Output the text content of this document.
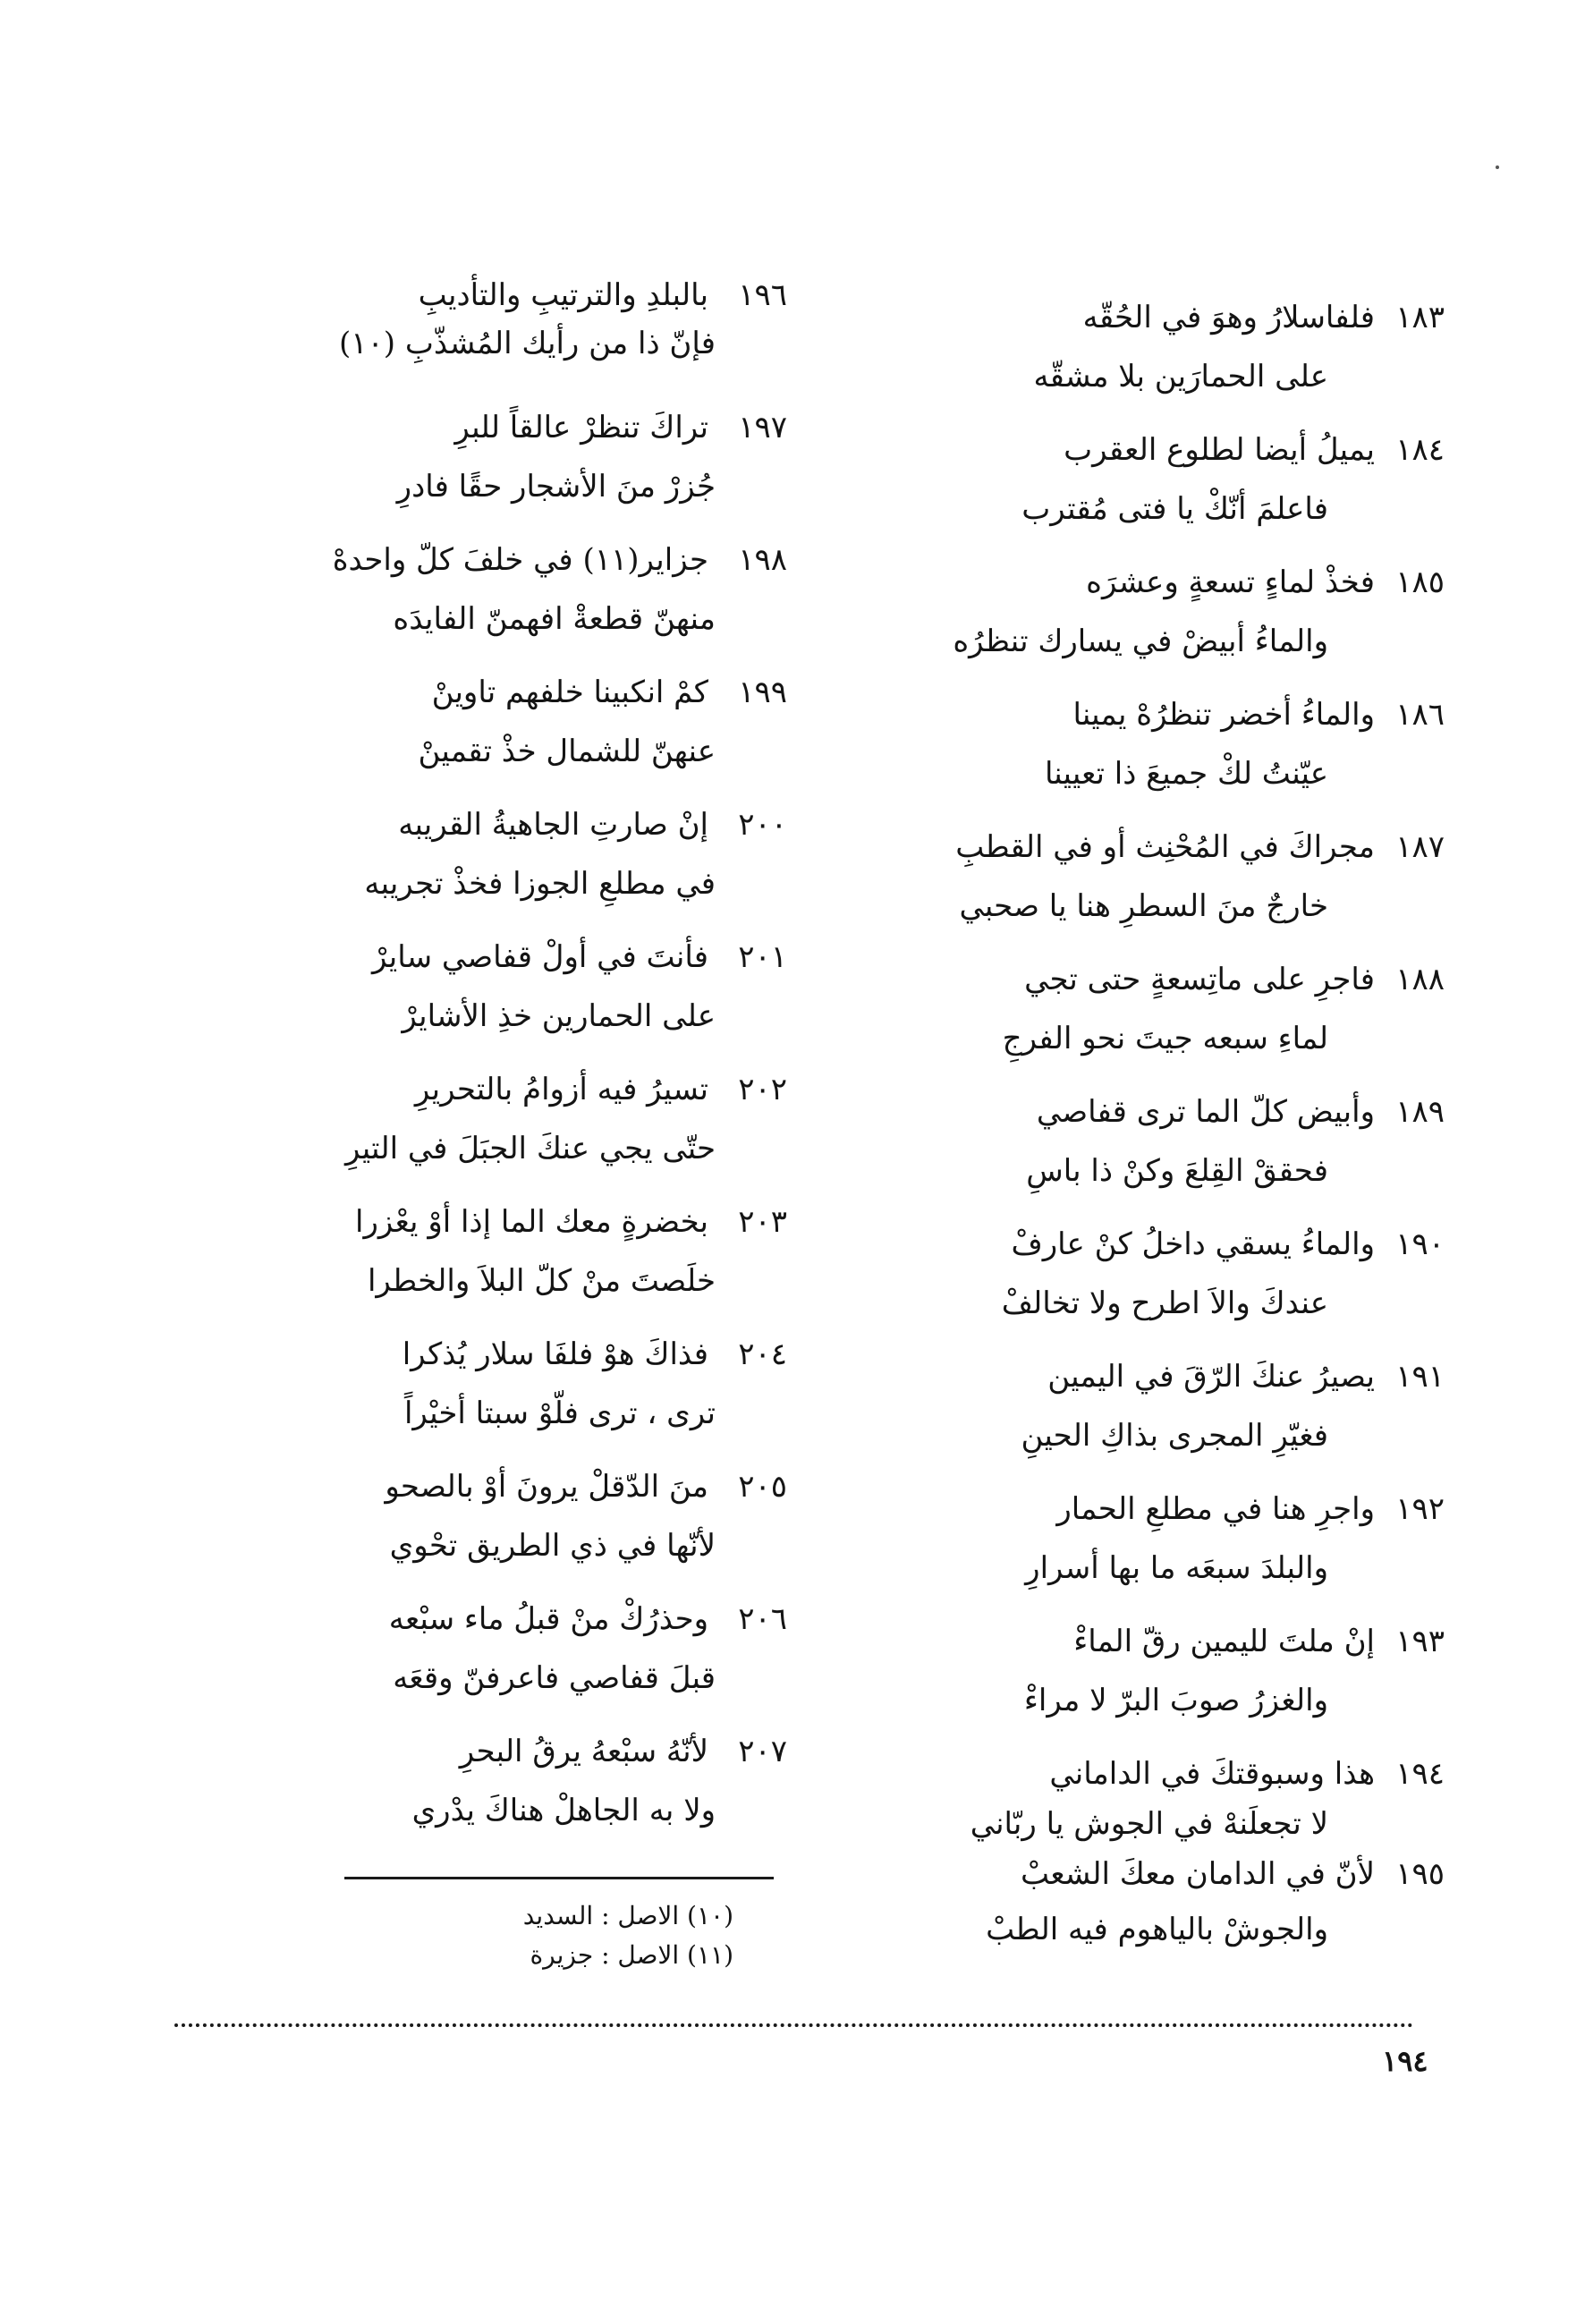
١٨٣
فلفاسلارُ وهوَ في الحُقّه
على الحمارَين بلا مشقّه
١٨٤
يميلُ أيضا لطلوع العقرب
فاعلمَ أنّكْ يا فتى مُقترب
١٨٥
فخذْ لماءٍ تسعةٍ وعشرَه
والماءُ أبيضْ في يسارك تنظرُه
١٨٦
والماءُ أخضر تنظرُهْ يمينا
عيّنتُ لكْ جميعَ ذا تعيينا
١٨٧
مجراكَ في المُحْنِث أو في القطبِ
خارجٌ منَ السطرِ هنا يا صحبي
١٨٨
فاجرِ على ماتِسعةٍ حتى تجي
لماءِ سبعه جيتَ نحو الفرجِ
١٨٩
وأبيض كلّ الما ترى قفاصي
فحققْ القِلعَ وكنْ ذا باسِ
١٩٠
والماءُ يسقي داخلُ كنْ عارفْ
عندكَ والاَ اطرح ولا تخالفْ
١٩١
يصيرُ عنكَ الرّقَ في اليمين
فغيّرِ المجرى بذاكِ الحينِ
١٩٢
واجرِ هنا في مطلعِ الحمار
والبلدَ سبعَه ما بها أسرارِ
١٩٣
إنْ ملتَ لليمين رقّ الماءْ
والغزرُ صوبَ البرّ لا مراءْ
١٩٤
هذا وسبوقتكَ في الداماني
لا تجعلَنهْ في الجوش يا ربّاني
١٩٥
لأنّ في الدامان معكَ الشعبْ
والجوشْ بالياهوم فيه الطبْ
١٩٦
بالبلدِ والترتيبِ والتأديبِ
فإنّ ذا من رأيك المُشذّبِ (١٠)
١٩٧
تراكَ تنظرْ عالقاً للبرِ
جُزرْ منَ الأشجار حقًا فادرِ
١٩٨
جزاير(١١) في خلفَ كلّ واحدهْ
منهنّ قطعةْ افهمنّ الفايدَه
١٩٩
كمْ انكبينا خلفهم تاوينْ
عنهنّ للشمال خذْ تقمينْ
٢٠٠
إنْ صارتِ الجاهيةُ القريبه
في مطلعِ الجوزا فخذْ تجريبه
٢٠١
فأنتَ في أولْ قفاصي سايرْ
على الحمارين خذِ الأشايرْ
٢٠٢
تسيرُ فيه أزوامُ بالتحريرِ
حتّى يجي عنكَ الجبَلَ في التيرِ
٢٠٣
بخضرةٍ معك الما إذا أوْ يعْزرا
خلَصتَ منْ كلّ البلاَ والخطرا
٢٠٤
فذاكَ هوْ فلفَا سلار يُذكرا
ترى ، ترى فلّوْ سبتا أخيْراً
٢٠٥
منَ الدّقلْ يرونَ أوْ بالصحو
لأنّها في ذي الطريق تحْوي
٢٠٦
وحذرُكْ منْ قبلُ ماء سبْعه
قبلَ قفاصي فاعرفنّ وقعَه
٢٠٧
لأنّهُ سبْعهُ يرقُ البحرِ
ولا به الجاهلْ هناكَ يدْري
(١٠) الاصل : السديد
(١١) الاصل : جزيرة
١٩٤
